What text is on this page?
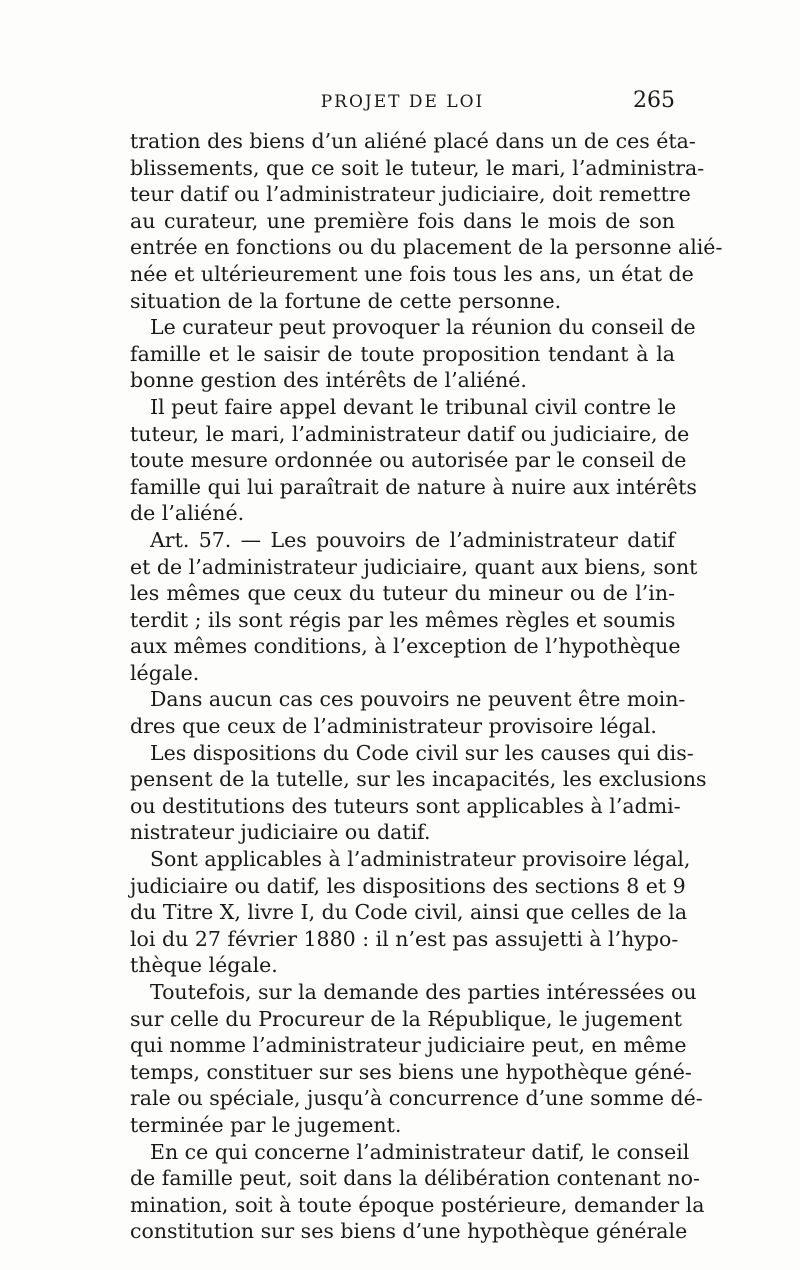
PROJET DE LOI	265
tration des biens d’un aliéné placé dans un de ces éta-
blissements, que ce soit le tuteur, le mari, l’administra-
teur datif ou l’administrateur judiciaire, doit remettre
au curateur, une première fois dans le mois de son
entrée en fonctions ou du placement de la personne alié-
née et ultérieurement une fois tous les ans, un état de
situation de la fortune de cette personne.
Le curateur peut provoquer la réunion du conseil de
famille et le saisir de toute proposition tendant à la
bonne gestion des intérêts de l’aliéné.
Il peut faire appel devant le tribunal civil contre le
tuteur, le mari, l’administrateur datif ou judiciaire, de
toute mesure ordonnée ou autorisée par le conseil de
famille qui lui paraîtrait de nature à nuire aux intérêts
de l’aliéné.
Art. 57. — Les pouvoirs de l’administrateur datif
et de l’administrateur judiciaire, quant aux biens, sont
les mêmes que ceux du tuteur du mineur ou de l’in-
terdit ; ils sont régis par les mêmes règles et soumis
aux mêmes conditions, à l’exception de l’hypothèque
légale.
Dans aucun cas ces pouvoirs ne peuvent être moin-
dres que ceux de l’administrateur provisoire légal.
Les dispositions du Code civil sur les causes qui dis-
pensent de la tutelle, sur les incapacités, les exclusions
ou destitutions des tuteurs sont applicables à l’admi-
nistrateur judiciaire ou datif.
Sont applicables à l’administrateur provisoire légal,
judiciaire ou datif, les dispositions des sections 8 et 9
du Titre X, livre I, du Code civil, ainsi que celles de la
loi du 27 février 1880 : il n’est pas assujetti à l’hypo-
thèque légale.
Toutefois, sur la demande des parties intéressées ou
sur celle du Procureur de la République, le jugement
qui nomme l’administrateur judiciaire peut, en même
temps, constituer sur ses biens une hypothèque géné-
rale ou spéciale, jusqu’à concurrence d’une somme dé-
terminée par le jugement.
En ce qui concerne l’administrateur datif, le conseil
de famille peut, soit dans la délibération contenant no-
mination, soit à toute époque postérieure, demander la
constitution sur ses biens d’une hypothèque générale
